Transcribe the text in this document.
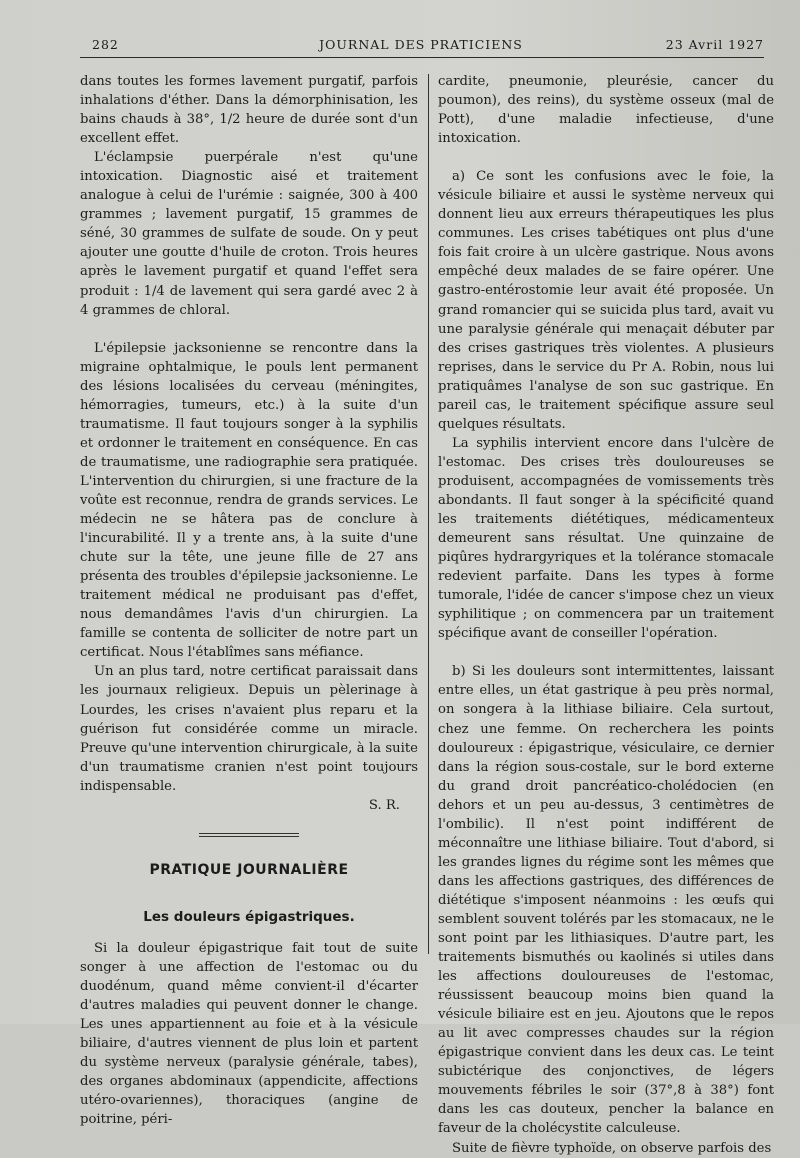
282	JOURNAL DES PRATICIENS	23 Avril 1927

dans toutes les formes lavement purgatif, parfois inhalations d'éther. Dans la démorphinisation, les bains chauds à 38°, 1/2 heure de durée sont d'un excellent effet.

L'éclampsie puerpérale n'est qu'une intoxication. Diagnostic aisé et traitement analogue à celui de l'urémie : saignée, 300 à 400 grammes ; lavement purgatif, 15 grammes de séné, 30 grammes de sulfate de soude. On y peut ajouter une goutte d'huile de croton. Trois heures après le lavement purgatif et quand l'effet sera produit : 1/4 de lavement qui sera gardé avec 2 à 4 grammes de chloral.

L'épilepsie jacksonienne se rencontre dans la migraine ophtalmique, le pouls lent permanent des lésions localisées du cerveau (méningites, hémorragies, tumeurs, etc.) à la suite d'un traumatisme. Il faut toujours songer à la syphilis et ordonner le traitement en conséquence. En cas de traumatisme, une radiographie sera pratiquée. L'intervention du chirurgien, si une fracture de la voûte est reconnue, rendra de grands services. Le médecin ne se hâtera pas de conclure à l'incurabilité. Il y a trente ans, à la suite d'une chute sur la tête, une jeune fille de 27 ans présenta des troubles d'épilepsie jacksonienne. Le traitement médical ne produisant pas d'effet, nous demandâmes l'avis d'un chirurgien. La famille se contenta de solliciter de notre part un certificat. Nous l'établîmes sans méfiance.

Un an plus tard, notre certificat paraissait dans les journaux religieux. Depuis un pèlerinage à Lourdes, les crises n'avaient plus reparu et la guérison fut considérée comme un miracle. Preuve qu'une intervention chirurgicale, à la suite d'un traumatisme cranien n'est point toujours indispensable.

S. R.

PRATIQUE JOURNALIÈRE
Les douleurs épigastriques.

Si la douleur épigastrique fait tout de suite songer à une affection de l'estomac ou du duodénum, quand même convient-il d'écarter d'autres maladies qui peuvent donner le change. Les unes appartiennent au foie et à la vésicule biliaire, d'autres viennent de plus loin et partent du système nerveux (paralysie générale, tabes), des organes abdominaux (appendicite, affections utéro-ovariennes), thoraciques (angine de poitrine, péri-

cardite, pneumonie, pleurésie, cancer du poumon), des reins), du système osseux (mal de Pott), d'une maladie infectieuse, d'une intoxication.

a) Ce sont les confusions avec le foie, la vésicule biliaire et aussi le système nerveux qui donnent lieu aux erreurs thérapeutiques les plus communes. Les crises tabétiques ont plus d'une fois fait croire à un ulcère gastrique. Nous avons empêché deux malades de se faire opérer. Une gastro-entérostomie leur avait été proposée. Un grand romancier qui se suicida plus tard, avait vu une paralysie générale qui menaçait débuter par des crises gastriques très violentes. A plusieurs reprises, dans le service du Pr A. Robin, nous lui pratiquâmes l'analyse de son suc gastrique. En pareil cas, le traitement spécifique assure seul quelques résultats.

La syphilis intervient encore dans l'ulcère de l'estomac. Des crises très douloureuses se produisent, accompagnées de vomissements très abondants. Il faut songer à la spécificité quand les traitements diététiques, médicamenteux demeurent sans résultat. Une quinzaine de piqûres hydrargyriques et la tolérance stomacale redevient parfaite. Dans les types à forme tumorale, l'idée de cancer s'impose chez un vieux syphilitique ; on commencera par un traitement spécifique avant de conseiller l'opération.

b) Si les douleurs sont intermittentes, laissant entre elles, un état gastrique à peu près normal, on songera à la lithiase biliaire. Cela surtout, chez une femme. On recherchera les points douloureux : épigastrique, vésiculaire, ce dernier dans la région sous-costale, sur le bord externe du grand droit pancréatico-cholédocien (en dehors et un peu au-dessus, 3 centimètres de l'ombilic). Il n'est point indifférent de méconnaître une lithiase biliaire. Tout d'abord, si les grandes lignes du régime sont les mêmes que dans les affections gastriques, des différences de diététique s'imposent néanmoins : les œufs qui semblent souvent tolérés par les stomacaux, ne le sont point par les lithiasiques. D'autre part, les traitements bismuthés ou kaolinés si utiles dans les affections douloureuses de l'estomac, réussissent beaucoup moins bien quand la vésicule biliaire est en jeu. Ajoutons que le repos au lit avec compresses chaudes sur la région épigastrique convient dans les deux cas. Le teint subictérique des conjonctives, de légers mouvements fébriles le soir (37°,8 à 38°) font dans les cas douteux, pencher la balance en faveur de la cholécystite calculeuse.

Suite de fièvre typhoïde, on observe parfois des
